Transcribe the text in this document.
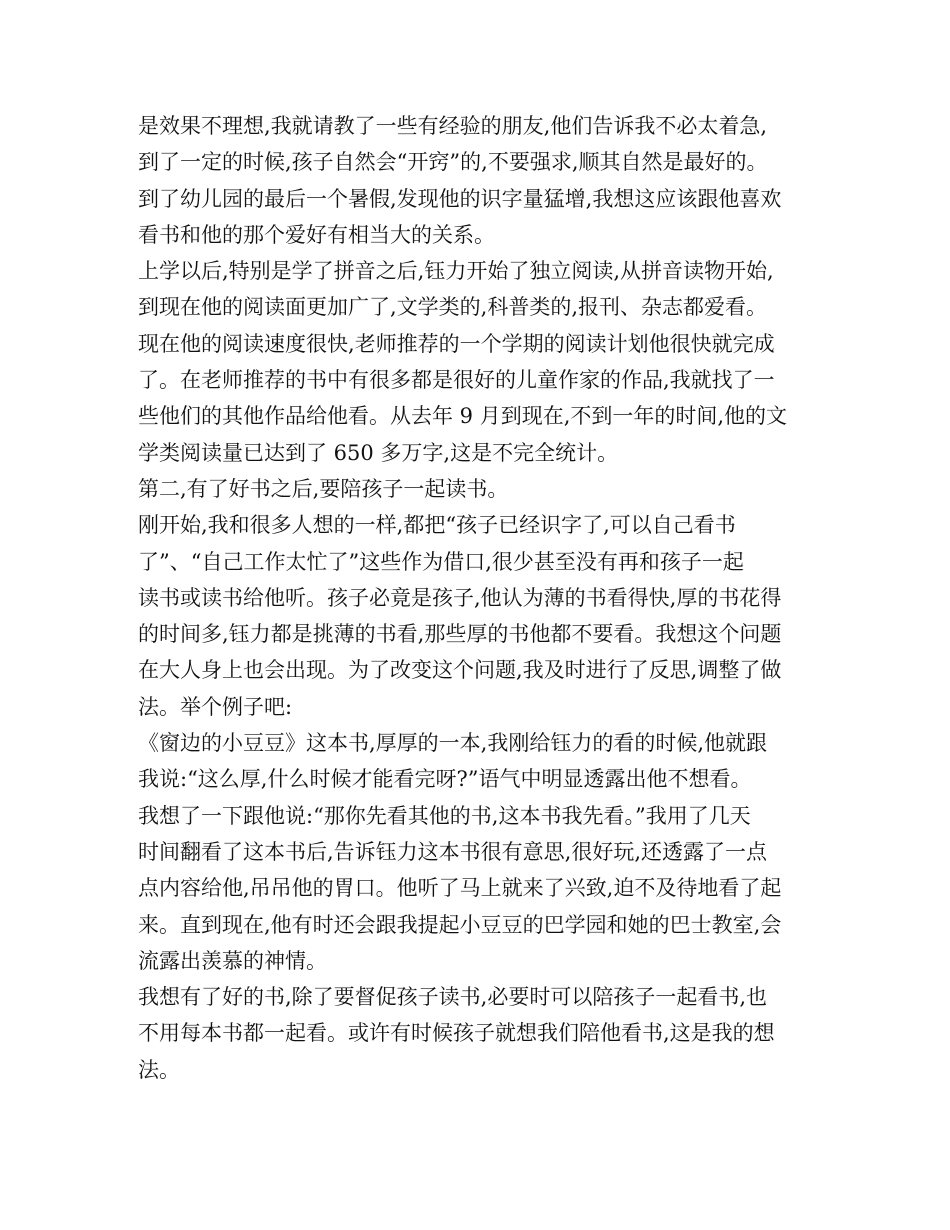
是效果不理想,我就请教了一些有经验的朋友,他们告诉我不必太着急,
到了一定的时候,孩子自然会“开窍”的,不要强求,顺其自然是最好的。
到了幼儿园的最后一个暑假,发现他的识字量猛增,我想这应该跟他喜欢
看书和他的那个爱好有相当大的关系。
上学以后,特别是学了拼音之后,钰力开始了独立阅读,从拼音读物开始,
到现在他的阅读面更加广了,文学类的,科普类的,报刊、杂志都爱看。
现在他的阅读速度很快,老师推荐的一个学期的阅读计划他很快就完成
了。在老师推荐的书中有很多都是很好的儿童作家的作品,我就找了一
些他们的其他作品给他看。从去年 9 月到现在,不到一年的时间,他的文
学类阅读量已达到了 650 多万字,这是不完全统计。
第二,有了好书之后,要陪孩子一起读书。
刚开始,我和很多人想的一样,都把“孩子已经识字了,可以自己看书
了”、“自己工作太忙了”这些作为借口,很少甚至没有再和孩子一起
读书或读书给他听。孩子必竟是孩子,他认为薄的书看得快,厚的书花得
的时间多,钰力都是挑薄的书看,那些厚的书他都不要看。我想这个问题
在大人身上也会出现。为了改变这个问题,我及时进行了反思,调整了做
法。举个例子吧:
《窗边的小豆豆》这本书,厚厚的一本,我刚给钰力的看的时候,他就跟
我说:“这么厚,什么时候才能看完呀?”语气中明显透露出他不想看。
我想了一下跟他说:“那你先看其他的书,这本书我先看。”我用了几天
时间翻看了这本书后,告诉钰力这本书很有意思,很好玩,还透露了一点
点内容给他,吊吊他的胃口。他听了马上就来了兴致,迫不及待地看了起
来。直到现在,他有时还会跟我提起小豆豆的巴学园和她的巴士教室,会
流露出羡慕的神情。
我想有了好的书,除了要督促孩子读书,必要时可以陪孩子一起看书,也
不用每本书都一起看。或许有时候孩子就想我们陪他看书,这是我的想
法。
